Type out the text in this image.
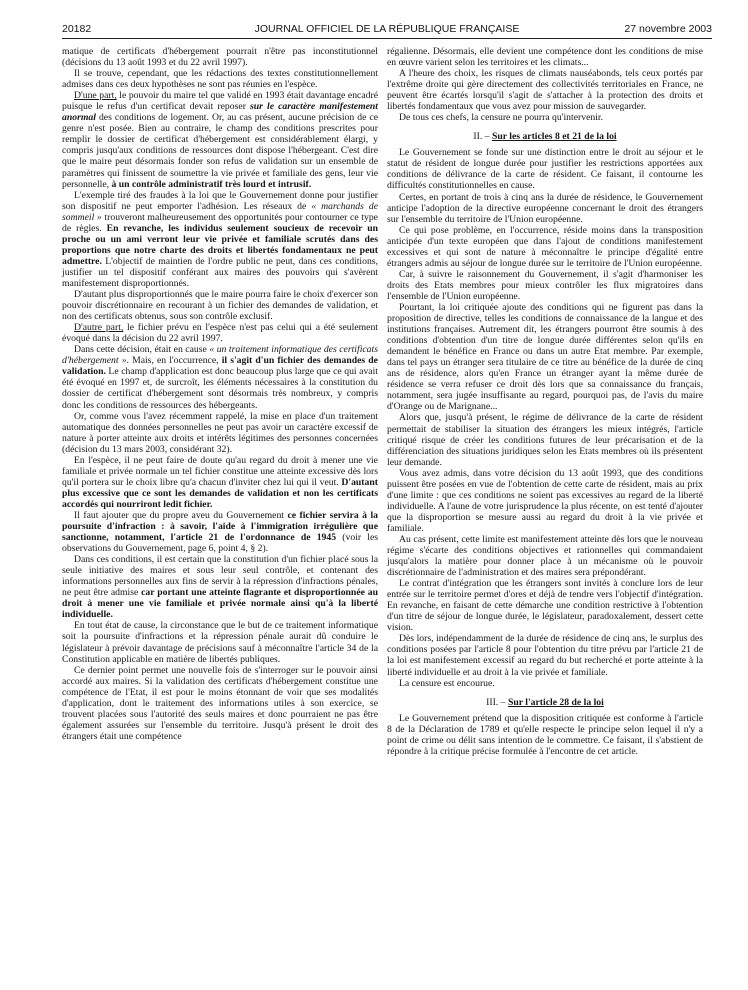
20182	JOURNAL OFFICIEL DE LA RÉPUBLIQUE FRANÇAISE	27 novembre 2003

matique de certificats d'hébergement pourrait n'être pas inconstitutionnel (décisions du 13 août 1993 et du 22 avril 1997).

Il se trouve, cependant, que les rédactions des textes constitutionnellement admises dans ces deux hypothèses ne sont pas réunies en l'espèce.

D'une part, le pouvoir du maire tel que validé en 1993 était davantage encadré puisque le refus d'un certificat devait reposer sur le caractère manifestement anormal des conditions de logement. Or, au cas présent, aucune précision de ce genre n'est posée. Bien au contraire, le champ des conditions prescrites pour remplir le dossier de certificat d'hébergement est considérablement élargi, y compris jusqu'aux conditions de ressources dont dispose l'hébergeant. C'est dire que le maire peut désormais fonder son refus de validation sur un ensemble de paramètres qui finissent de soumettre la vie privée et familiale des gens, leur vie personnelle, à un contrôle administratif très lourd et intrusif.

L'exemple tiré des fraudes à la loi que le Gouvernement donne pour justifier son dispositif ne peut emporter l'adhésion. Les réseaux de « marchands de sommeil » trouveront malheureusement des opportunités pour contourner ce type de règles. En revanche, les individus seulement soucieux de recevoir un proche ou un ami verront leur vie privée et familiale scrutés dans des proportions que notre charte des droits et libertés fondamentaux ne peut admettre. L'objectif de maintien de l'ordre public ne peut, dans ces conditions, justifier un tel dispositif conférant aux maires des pouvoirs qui s'avèrent manifestement disproportionnés.

D'autant plus disproportionnés que le maire pourra faire le choix d'exercer son pouvoir discrétionnaire en recourant à un fichier des demandes de validation, et non des certificats obtenus, sous son contrôle exclusif.

D'autre part, le fichier prévu en l'espèce n'est pas celui qui a été seulement évoqué dans la décision du 22 avril 1997.

Dans cette décision, était en cause « un traitement informatique des certificats d'hébergement ». Mais, en l'occurrence, il s'agit d'un fichier des demandes de validation. Le champ d'application est donc beaucoup plus large que ce qui avait été évoqué en 1997 et, de surcroît, les éléments nécessaires à la constitution du dossier de certificat d'hébergement sont désormais très nombreux, y compris donc les conditions de ressources des hébergeants.

Or, comme vous l'avez récemment rappelé, la mise en place d'un traitement automatique des données personnelles ne peut pas avoir un caractère excessif de nature à porter atteinte aux droits et intérêts légitimes des personnes concernées (décision du 13 mars 2003, considérant 32).

En l'espèce, il ne peut faire de doute qu'au regard du droit à mener une vie familiale et privée normale un tel fichier constitue une atteinte excessive dès lors qu'il portera sur le choix libre qu'a chacun d'inviter chez lui qui il veut. D'autant plus excessive que ce sont les demandes de validation et non les certificats accordés qui nourriront ledit fichier.

Il faut ajouter que du propre aveu du Gouvernement ce fichier servira à la poursuite d'infraction : à savoir, l'aide à l'immigration irrégulière que sanctionne, notamment, l'article 21 de l'ordonnance de 1945 (voir les observations du Gouvernement, page 6, point 4, § 2).

Dans ces conditions, il est certain que la constitution d'un fichier placé sous la seule initiative des maires et sous leur seul contrôle, et contenant des informations personnelles aux fins de servir à la répression d'infractions pénales, ne peut être admise car portant une atteinte flagrante et disproportionnée au droit à mener une vie familiale et privée normale ainsi qu'à la liberté individuelle.

En tout état de cause, la circonstance que le but de ce traitement informatique soit la poursuite d'infractions et la répression pénale aurait dû conduire le législateur à prévoir davantage de précisions sauf à méconnaître l'article 34 de la Constitution applicable en matière de libertés publiques.

Ce dernier point permet une nouvelle fois de s'interroger sur le pouvoir ainsi accordé aux maires. Si la validation des certificats d'hébergement constitue une compétence de l'Etat, il est pour le moins étonnant de voir que ses modalités d'application, dont le traitement des informations utiles à son exercice, se trouvent placées sous l'autorité des seuls maires et donc pourraient ne pas être également assurées sur l'ensemble du territoire. Jusqu'à présent le droit des étrangers était une compétence

régalienne. Désormais, elle devient une compétence dont les conditions de mise en œuvre varient selon les territoires et les climats...

A l'heure des choix, les risques de climats nauséabonds, tels ceux portés par l'extrême droite qui gère directement des collectivités territoriales en France, ne peuvent être écartés lorsqu'il s'agit de s'attacher à la protection des droits et libertés fondamentaux que vous avez pour mission de sauvegarder.

De tous ces chefs, la censure ne pourra qu'intervenir.

II. – Sur les articles 8 et 21 de la loi

Le Gouvernement se fonde sur une distinction entre le droit au séjour et le statut de résident de longue durée pour justifier les restrictions apportées aux conditions de délivrance de la carte de résident. Ce faisant, il contourne les difficultés constitutionnelles en cause.

Certes, en portant de trois à cinq ans la durée de résidence, le Gouvernement anticipe l'adoption de la directive européenne concernant le droit des étrangers sur l'ensemble du territoire de l'Union européenne.

Ce qui pose problème, en l'occurrence, réside moins dans la transposition anticipée d'un texte européen que dans l'ajout de conditions manifestement excessives et qui sont de nature à méconnaître le principe d'égalité entre étrangers admis au séjour de longue durée sur le territoire de l'Union européenne.

Car, à suivre le raisonnement du Gouvernement, il s'agit d'harmoniser les droits des Etats membres pour mieux contrôler les flux migratoires dans l'ensemble de l'Union européenne.

Pourtant, la loi critiquée ajoute des conditions qui ne figurent pas dans la proposition de directive, telles les conditions de connaissance de la langue et des institutions françaises. Autrement dit, les étrangers pourront être soumis à des conditions d'obtention d'un titre de longue durée différentes selon qu'ils en demandent le bénéfice en France ou dans un autre Etat membre. Par exemple, dans tel pays un étranger sera titulaire de ce titre au bénéfice de la durée de cinq ans de résidence, alors qu'en France un étranger ayant la même durée de résidence se verra refuser ce droit dès lors que sa connaissance du français, notamment, sera jugée insuffisante au regard, pourquoi pas, de l'avis du maire d'Orange ou de Marignane...

Alors que, jusqu'à présent, le régime de délivrance de la carte de résident permettait de stabiliser la situation des étrangers les mieux intégrés, l'article critiqué risque de créer les conditions futures de leur précarisation et de la différenciation des situations juridiques selon les Etats membres où ils présentent leur demande.

Vous avez admis, dans votre décision du 13 août 1993, que des conditions puissent être posées en vue de l'obtention de cette carte de résident, mais au prix d'une limite : que ces conditions ne soient pas excessives au regard de la liberté individuelle. A l'aune de votre jurisprudence la plus récente, on est tenté d'ajouter que la disproportion se mesure aussi au regard du droit à la vie privée et familiale.

Au cas présent, cette limite est manifestement atteinte dès lors que le nouveau régime s'écarte des conditions objectives et rationnelles qui commandaient jusqu'alors la matière pour donner place à un mécanisme où le pouvoir discrétionnaire de l'administration et des maires sera prépondérant.

Le contrat d'intégration que les étrangers sont invités à conclure lors de leur entrée sur le territoire permet d'ores et déjà de tendre vers l'objectif d'intégration. En revanche, en faisant de cette démarche une condition restrictive à l'obtention d'un titre de séjour de longue durée, le législateur, paradoxalement, dessert cette vision.

Dès lors, indépendamment de la durée de résidence de cinq ans, le surplus des conditions posées par l'article 8 pour l'obtention du titre prévu par l'article 21 de la loi est manifestement excessif au regard du but recherché et porte atteinte à la liberté individuelle et au droit à la vie privée et familiale.

La censure est encourue.

III. – Sur l'article 28 de la loi

Le Gouvernement prétend que la disposition critiquée est conforme à l'article 8 de la Déclaration de 1789 et qu'elle respecte le principe selon lequel il n'y a point de crime ou délit sans intention de le commettre. Ce faisant, il s'abstient de répondre à la critique précise formulée à l'encontre de cet article.
